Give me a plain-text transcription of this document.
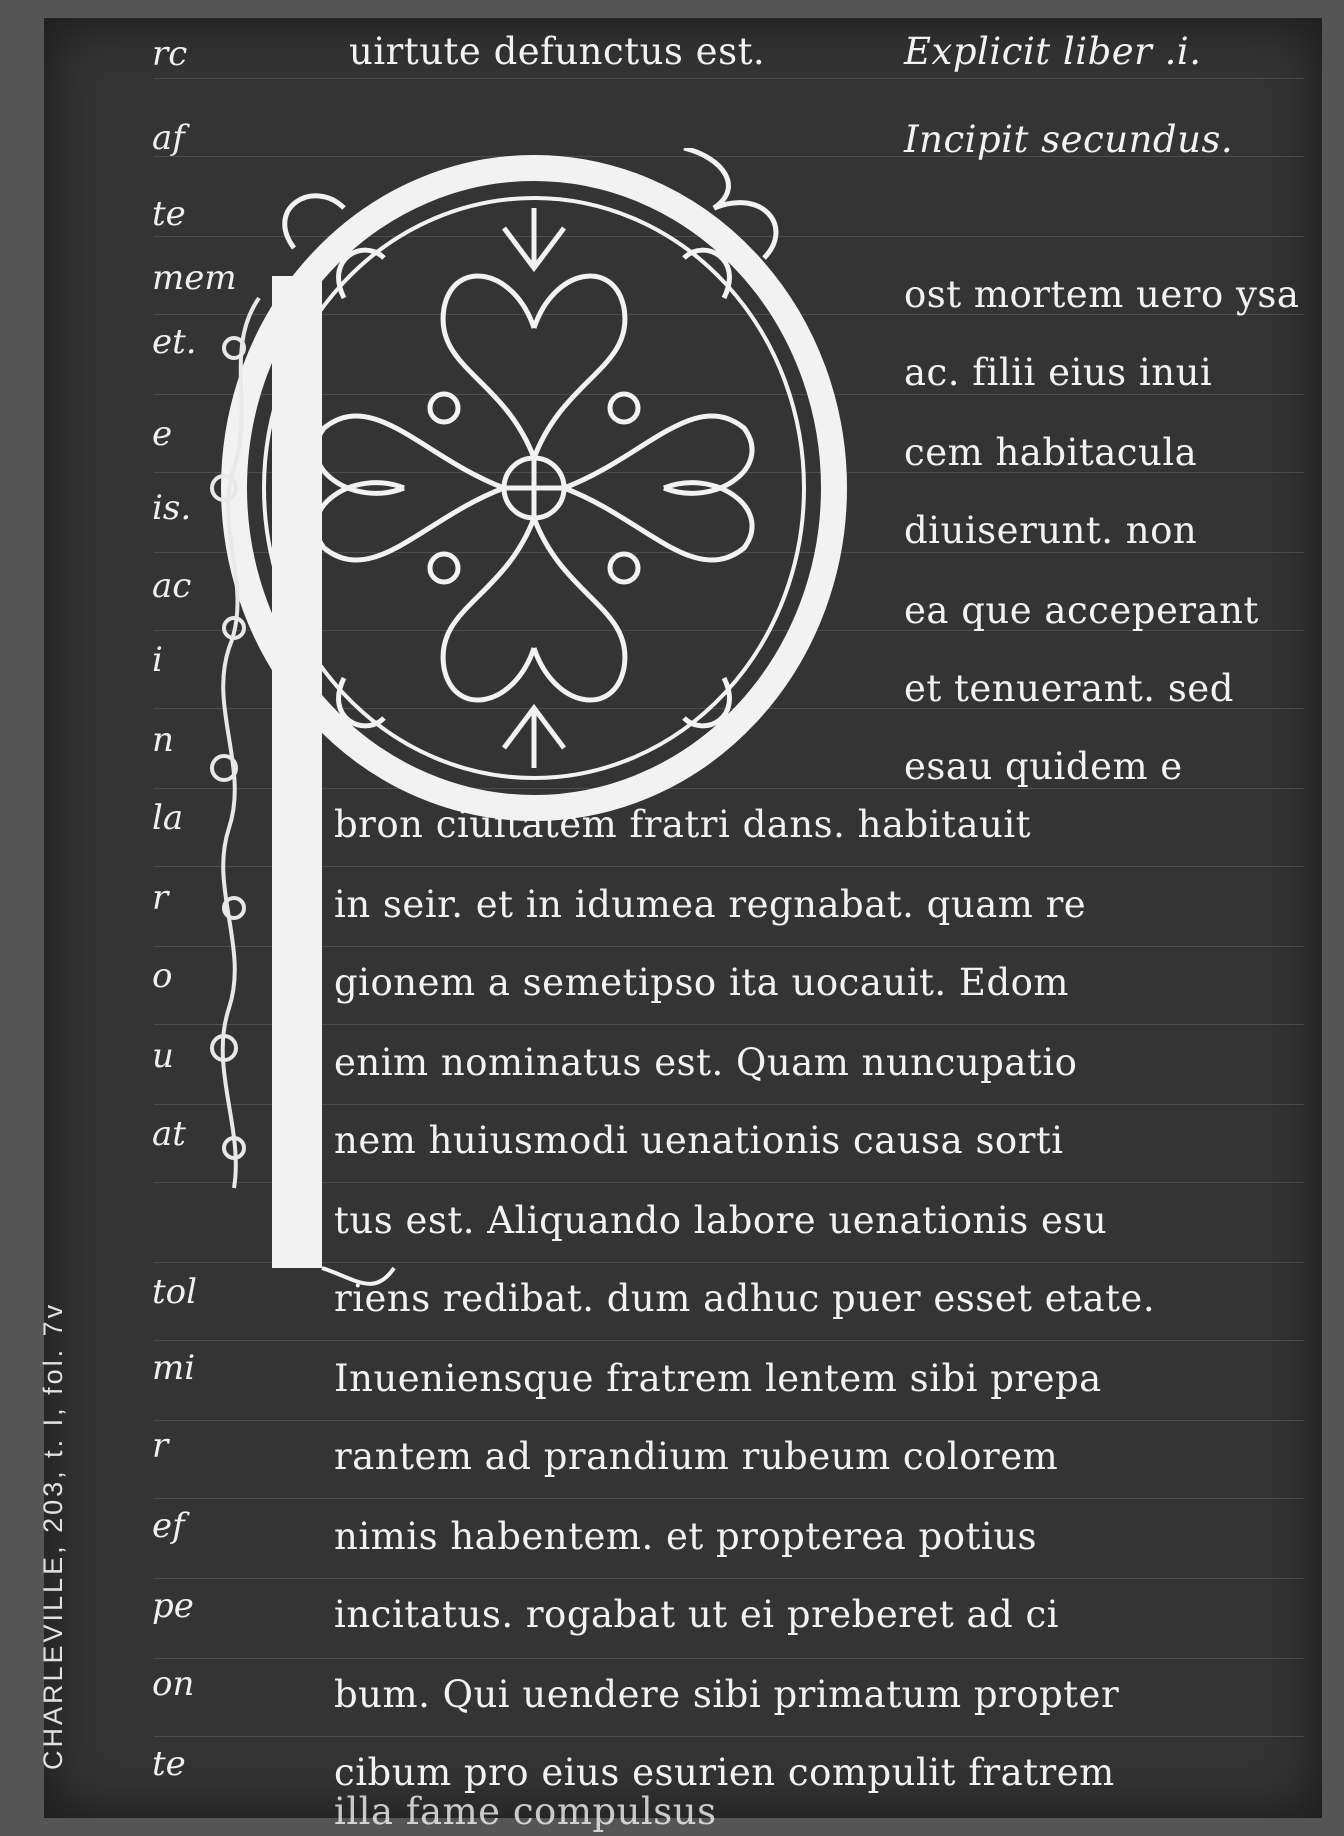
rc
af
te
mem
et.
e
is.
ac
i
n
la
r
o
u
at
tol
mi
r
ef
pe
on
te
uirtute defunctus est.	Explicit liber .i.
Incipit secundus.
ost mortem uero ysa
ac. filii eius inui
cem habitacula
diuiserunt. non
ea que acceperant
et tenuerant. sed
esau quidem e
bron ciuitatem fratri dans. habitauit
in seir. et in idumea regnabat. quam re
gionem a semetipso ita uocauit. Edom
enim nominatus est. Quam nuncupatio
nem huiusmodi uenationis causa sorti
tus est. Aliquando labore uenationis esu
riens redibat. dum adhuc puer esset etate.
Inueniensque fratrem lentem sibi prepa
rantem ad prandium rubeum colorem
nimis habentem. et propterea potius
incitatus. rogabat ut ei preberet ad ci
bum. Qui uendere sibi primatum propter
cibum pro eius esurien compulit fratrem
illa fame compulsus
CHARLEVILLE, 203, t. I, fol. 7v
